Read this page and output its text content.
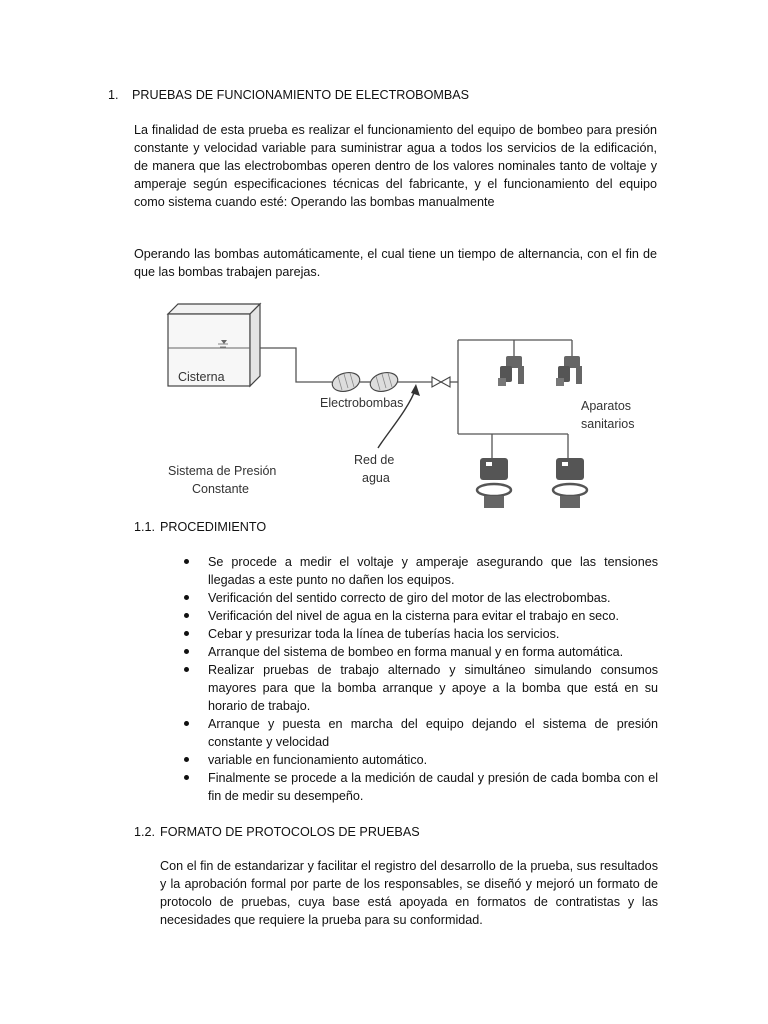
1. PRUEBAS DE FUNCIONAMIENTO DE ELECTROBOMBAS

La finalidad de esta prueba es realizar el funcionamiento del equipo de bombeo para presión constante y velocidad variable para suministrar agua a todos los servicios de la edificación, de manera que las electrobombas operen dentro de los valores nominales tanto de voltaje y amperaje según especificaciones técnicas del fabricante, y el funcionamiento del equipo como sistema cuando esté: Operando las bombas manualmente

Operando las bombas automáticamente, el cual tiene un tiempo de alternancia, con el fin de que las bombas trabajen parejas.

Cisterna
Electrobombas
Red de
agua
Aparatos
sanitarios
Sistema de Presión
Constante
1.1. PROCEDIMIENTO
Se procede a medir el voltaje y amperaje asegurando que las tensiones llegadas a este punto no dañen los equipos.
Verificación del sentido correcto de giro del motor de las electrobombas.
Verificación del nivel de agua en la cisterna para evitar el trabajo en seco.
Cebar y presurizar toda la línea de tuberías hacia los servicios.
Arranque del sistema de bombeo en forma manual y en forma automática.
Realizar pruebas de trabajo alternado y simultáneo simulando consumos mayores para que la bomba arranque y apoye a la bomba que está en su horario de trabajo.
Arranque y puesta en marcha del equipo dejando el sistema de presión constante y velocidad
variable en funcionamiento automático.
Finalmente se procede a la medición de caudal y presión de cada bomba con el fin de medir su desempeño.
1.2. FORMATO DE PROTOCOLOS DE PRUEBAS

Con el fin de estandarizar y facilitar el registro del desarrollo de la prueba, sus resultados y la aprobación formal por parte de los responsables, se diseñó y mejoró un formato de protocolo de pruebas, cuya base está apoyada en formatos de contratistas y las necesidades que requiere la prueba para su conformidad.
